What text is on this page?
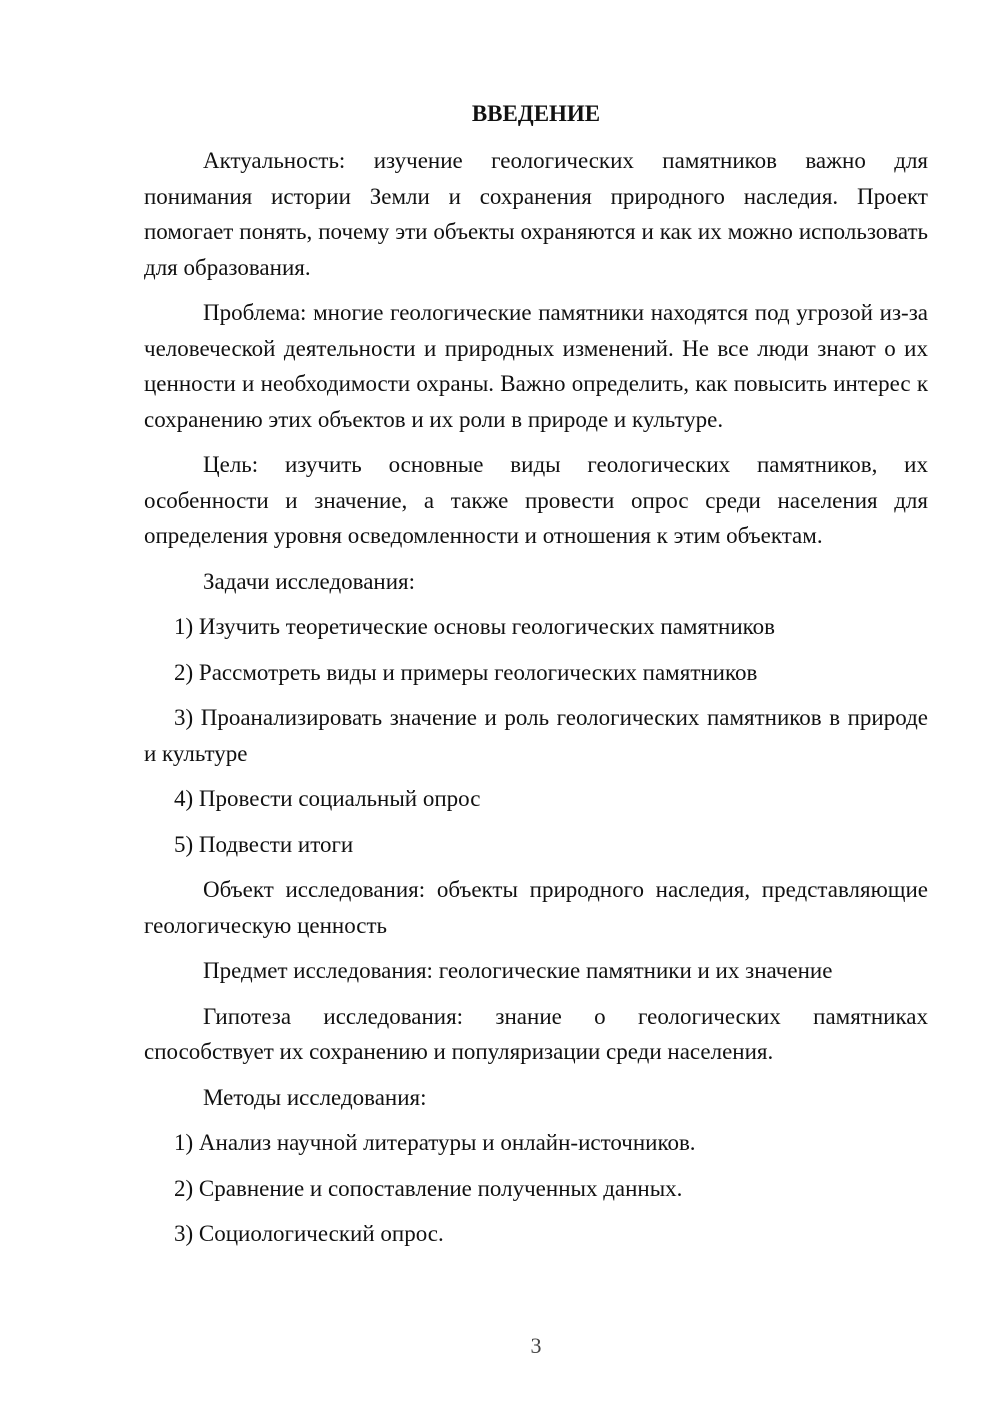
ВВЕДЕНИЕ

Актуальность: изучение геологических памятников важно для понимания истории Земли и сохранения природного наследия. Проект помогает понять, почему эти объекты охраняются и как их можно использовать для образования.

Проблема: многие геологические памятники находятся под угрозой из-за человеческой деятельности и природных изменений. Не все люди знают о их ценности и необходимости охраны. Важно определить, как повысить интерес к сохранению этих объектов и их роли в природе и культуре.

Цель: изучить основные виды геологических памятников, их особенности и значение, а также провести опрос среди населения для определения уровня осведомленности и отношения к этим объектам.

Задачи исследования:

1) Изучить теоретические основы геологических памятников

2) Рассмотреть виды и примеры геологических памятников

3) Проанализировать значение и роль геологических памятников в природе и культуре

4) Провести социальный опрос

5) Подвести итоги

Объект исследования: объекты природного наследия, представляющие геологическую ценность

Предмет исследования: геологические памятники и их значение

Гипотеза исследования: знание о геологических памятниках способствует их сохранению и популяризации среди населения.

Методы исследования:

1) Анализ научной литературы и онлайн-источников.

2) Сравнение и сопоставление полученных данных.

3) Социологический опрос.

3
